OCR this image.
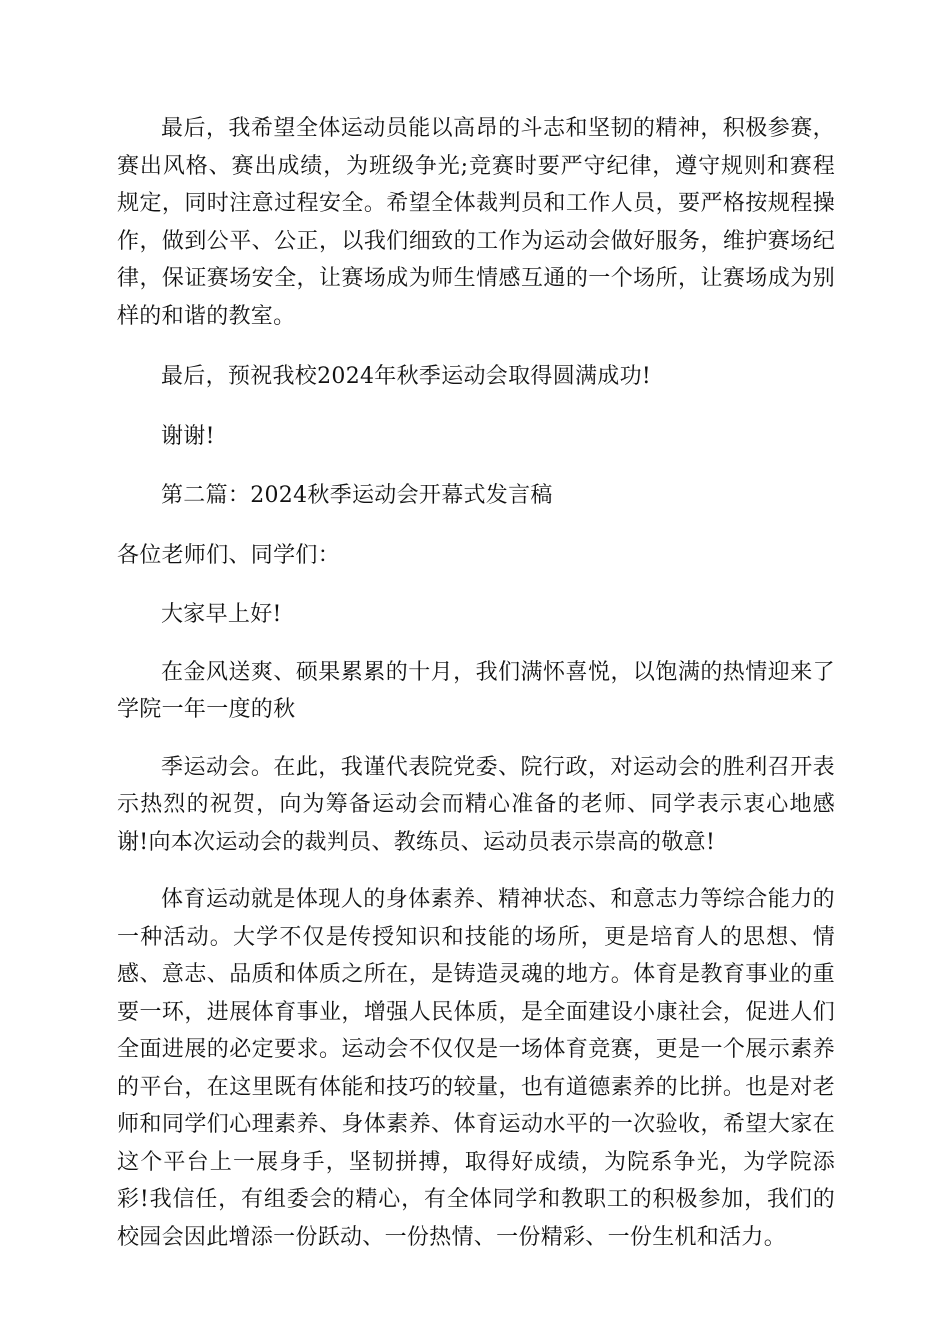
最后，我希望全体运动员能以高昂的斗志和坚韧的精神，积极参赛，赛出风格、赛出成绩，为班级争光;竞赛时要严守纪律，遵守规则和赛程规定，同时注意过程安全。希望全体裁判员和工作人员，要严格按规程操作，做到公平、公正，以我们细致的工作为运动会做好服务，维护赛场纪律，保证赛场安全，让赛场成为师生情感互通的一个场所，让赛场成为别样的和谐的教室。

最后，预祝我校2024年秋季运动会取得圆满成功!

谢谢!

第二篇：2024秋季运动会开幕式发言稿

各位老师们、同学们：

大家早上好!

在金风送爽、硕果累累的十月，我们满怀喜悦，以饱满的热情迎来了学院一年一度的秋

季运动会。在此，我谨代表院党委、院行政，对运动会的胜利召开表示热烈的祝贺，向为筹备运动会而精心准备的老师、同学表示衷心地感谢!向本次运动会的裁判员、教练员、运动员表示崇高的敬意!

体育运动就是体现人的身体素养、精神状态、和意志力等综合能力的一种活动。大学不仅是传授知识和技能的场所，更是培育人的思想、情感、意志、品质和体质之所在，是铸造灵魂的地方。体育是教育事业的重要一环，进展体育事业，增强人民体质，是全面建设小康社会，促进人们全面进展的必定要求。运动会不仅仅是一场体育竞赛，更是一个展示素养的平台，在这里既有体能和技巧的较量，也有道德素养的比拼。也是对老师和同学们心理素养、身体素养、体育运动水平的一次验收，希望大家在这个平台上一展身手，坚韧拼搏，取得好成绩，为院系争光，为学院添彩!我信任，有组委会的精心，有全体同学和教职工的积极参加，我们的校园会因此增添一份跃动、一份热情、一份精彩、一份生机和活力。
